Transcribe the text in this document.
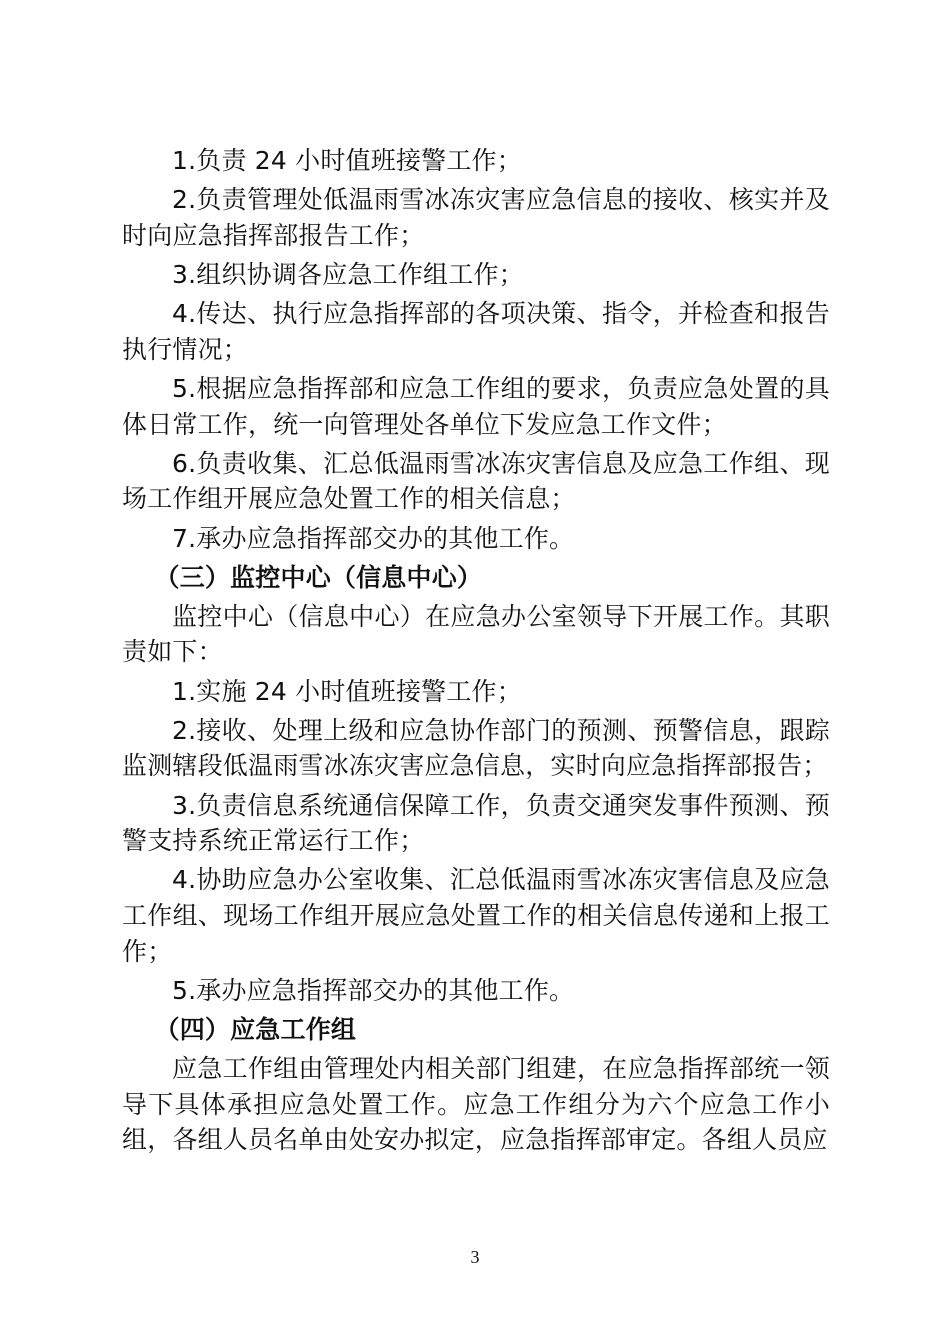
1.负责 24 小时值班接警工作；

2.负责管理处低温雨雪冰冻灾害应急信息的接收、核实并及时向应急指挥部报告工作；

3.组织协调各应急工作组工作；

4.传达、执行应急指挥部的各项决策、指令，并检查和报告执行情况；

5.根据应急指挥部和应急工作组的要求，负责应急处置的具体日常工作，统一向管理处各单位下发应急工作文件；

6.负责收集、汇总低温雨雪冰冻灾害信息及应急工作组、现场工作组开展应急处置工作的相关信息；

7.承办应急指挥部交办的其他工作。

（三）监控中心（信息中心）

监控中心（信息中心）在应急办公室领导下开展工作。其职责如下：

1.实施 24 小时值班接警工作；

2.接收、处理上级和应急协作部门的预测、预警信息，跟踪监测辖段低温雨雪冰冻灾害应急信息，实时向应急指挥部报告；

3.负责信息系统通信保障工作，负责交通突发事件预测、预警支持系统正常运行工作；

4.协助应急办公室收集、汇总低温雨雪冰冻灾害信息及应急工作组、现场工作组开展应急处置工作的相关信息传递和上报工作；

5.承办应急指挥部交办的其他工作。

（四）应急工作组

应急工作组由管理处内相关部门组建，在应急指挥部统一领导下具体承担应急处置工作。应急工作组分为六个应急工作小组，各组人员名单由处安办拟定，应急指挥部审定。各组人员应

3
